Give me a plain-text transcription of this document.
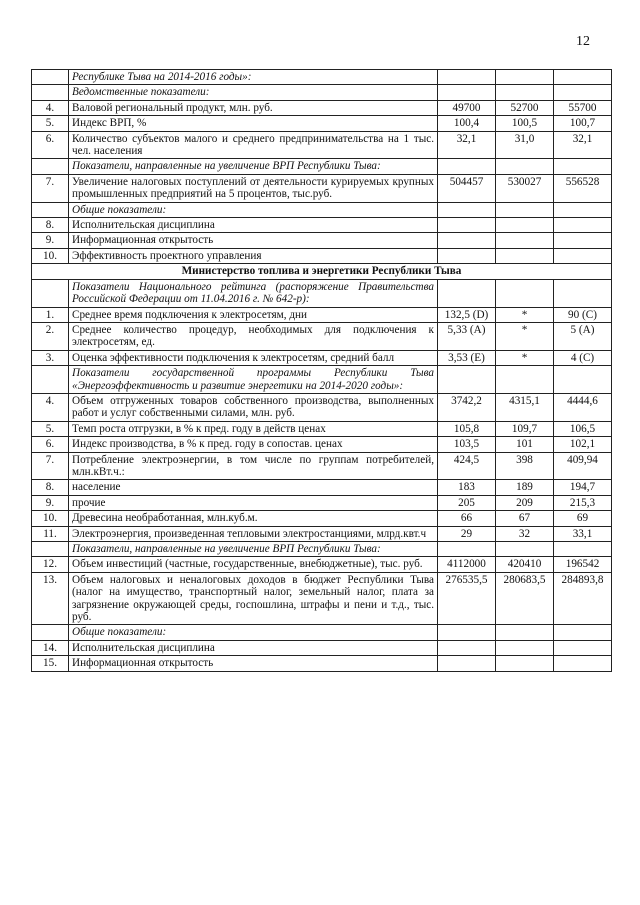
12
	Республике Тыва на 2014-2016 годы»:			
	Ведомственные показатели:			
4.	Валовой региональный продукт, млн. руб.	49700	52700	55700
5.	Индекс ВРП, %	100,4	100,5	100,7
6.	Количество субъектов малого и среднего предпринимательства на 1 тыс. чел. населения	32,1	31,0	32,1
	Показатели, направленные на увеличение ВРП Республики Тыва:			
7.	Увеличение налоговых поступлений от деятельности курируемых крупных промышленных предприятий на 5 процентов, тыс.руб.	504457	530027	556528
	Общие показатели:			
8.	Исполнительская дисциплина			
9.	Информационная открытость			
10.	Эффективность проектного управления			
Министерство топлива и энергетики Республики Тыва				
	Показатели Национального рейтинга (распоряжение Правительства Российской Федерации от 11.04.2016 г. № 642-р):			
1.	Среднее время подключения к электросетям, дни	132,5 (D)	*	90 (С)
2.	Среднее количество процедур, необходимых для подключения к электросетям, ед.	5,33 (А)	*	5 (А)
3.	Оценка эффективности подключения к электросетям, средний балл	3,53 (Е)	*	4 (С)
	Показатели государственной программы Республики Тыва «Энергоэффективность и развитие энергетики на 2014-2020 годы»:			
4.	Объем отгруженных товаров собственного производства, выполненных работ и услуг собственными силами, млн. руб.	3742,2	4315,1	4444,6
5.	Темп роста отгрузки, в % к пред. году в действ ценах	105,8	109,7	106,5
6.	Индекс производства, в % к пред. году в сопостав. ценах	103,5	101	102,1
7.	Потребление электроэнергии, в том числе по группам потребителей, млн.кВт.ч.:	424,5	398	409,94
8.	население	183	189	194,7
9.	прочие	205	209	215,3
10.	Древесина необработанная, млн.куб.м.	66	67	69
11.	Электроэнергия, произведенная тепловыми электростанциями, млрд.квт.ч	29	32	33,1
	Показатели, направленные на увеличение ВРП Республики Тыва:			
12.	Объем инвестиций (частные, государственные, внебюджетные), тыс. руб.	4112000	420410	196542
13.	Объем налоговых и неналоговых доходов в бюджет Республики Тыва (налог на имущество, транспортный налог, земельный налог, плата за загрязнение окружающей среды, госпошлина, штрафы и пени и т.д., тыс. руб.	276535,5	280683,5	284893,8
	Общие показатели:			
14.	Исполнительская дисциплина			
15.	Информационная открытость			
